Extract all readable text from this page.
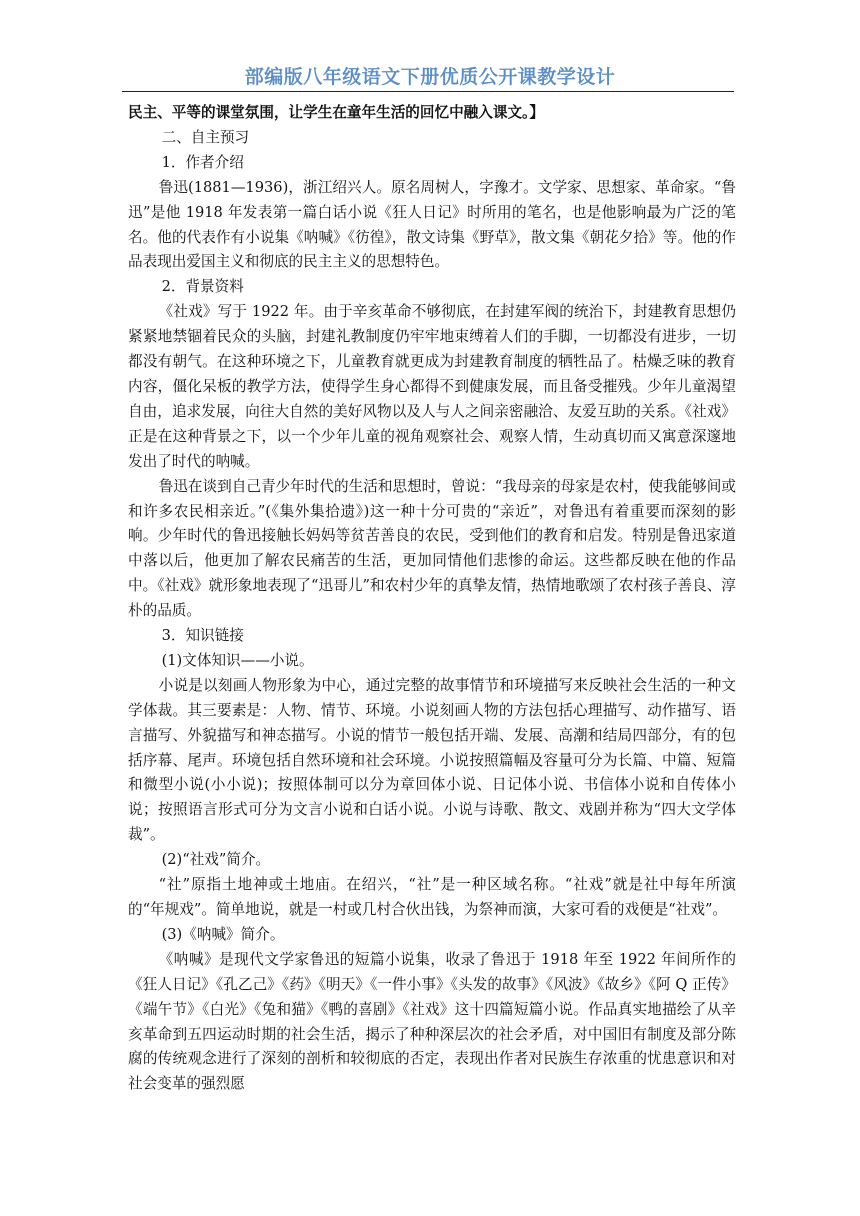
部编版八年级语文下册优质公开课教学设计

民主、平等的课堂氛围，让学生在童年生活的回忆中融入课文。】

二、自主预习

1．作者介绍

鲁迅(1881—1936)，浙江绍兴人。原名周树人，字豫才。文学家、思想家、革命家。“鲁迅”是他 1918 年发表第一篇白话小说《狂人日记》时所用的笔名，也是他影响最为广泛的笔名。他的代表作有小说集《呐喊》《彷徨》，散文诗集《野草》，散文集《朝花夕拾》等。他的作品表现出爱国主义和彻底的民主主义的思想特色。

2．背景资料

《社戏》写于 1922 年。由于辛亥革命不够彻底，在封建军阀的统治下，封建教育思想仍紧紧地禁锢着民众的头脑，封建礼教制度仍牢牢地束缚着人们的手脚，一切都没有进步，一切都没有朝气。在这种环境之下，儿童教育就更成为封建教育制度的牺牲品了。枯燥乏味的教育内容，僵化呆板的教学方法，使得学生身心都得不到健康发展，而且备受摧残。少年儿童渴望自由，追求发展，向往大自然的美好风物以及人与人之间亲密融洽、友爱互助的关系。《社戏》正是在这种背景之下，以一个少年儿童的视角观察社会、观察人情，生动真切而又寓意深邃地发出了时代的呐喊。

鲁迅在谈到自己青少年时代的生活和思想时，曾说：“我母亲的母家是农村，使我能够间或和许多农民相亲近。”(《集外集拾遗》)这一种十分可贵的“亲近”，对鲁迅有着重要而深刻的影响。少年时代的鲁迅接触长妈妈等贫苦善良的农民，受到他们的教育和启发。特别是鲁迅家道中落以后，他更加了解农民痛苦的生活，更加同情他们悲惨的命运。这些都反映在他的作品中。《社戏》就形象地表现了“迅哥儿”和农村少年的真挚友情，热情地歌颂了农村孩子善良、淳朴的品质。

3．知识链接

(1)文体知识——小说。

小说是以刻画人物形象为中心，通过完整的故事情节和环境描写来反映社会生活的一种文学体裁。其三要素是：人物、情节、环境。小说刻画人物的方法包括心理描写、动作描写、语言描写、外貌描写和神态描写。小说的情节一般包括开端、发展、高潮和结局四部分，有的包括序幕、尾声。环境包括自然环境和社会环境。小说按照篇幅及容量可分为长篇、中篇、短篇和微型小说(小小说)；按照体制可以分为章回体小说、日记体小说、书信体小说和自传体小说；按照语言形式可分为文言小说和白话小说。小说与诗歌、散文、戏剧并称为“四大文学体裁”。

(2)“社戏”简介。

“社”原指土地神或土地庙。在绍兴，“社”是一种区域名称。“社戏”就是社中每年所演的“年规戏”。简单地说，就是一村或几村合伙出钱，为祭神而演，大家可看的戏便是“社戏”。

(3)《呐喊》简介。

《呐喊》是现代文学家鲁迅的短篇小说集，收录了鲁迅于 1918 年至 1922 年间所作的《狂人日记》《孔乙己》《药》《明天》《一件小事》《头发的故事》《风波》《故乡》《阿 Q 正传》《端午节》《白光》《兔和猫》《鸭的喜剧》《社戏》这十四篇短篇小说。作品真实地描绘了从辛亥革命到五四运动时期的社会生活，揭示了种种深层次的社会矛盾，对中国旧有制度及部分陈腐的传统观念进行了深刻的剖析和较彻底的否定，表现出作者对民族生存浓重的忧患意识和对社会变革的强烈愿
